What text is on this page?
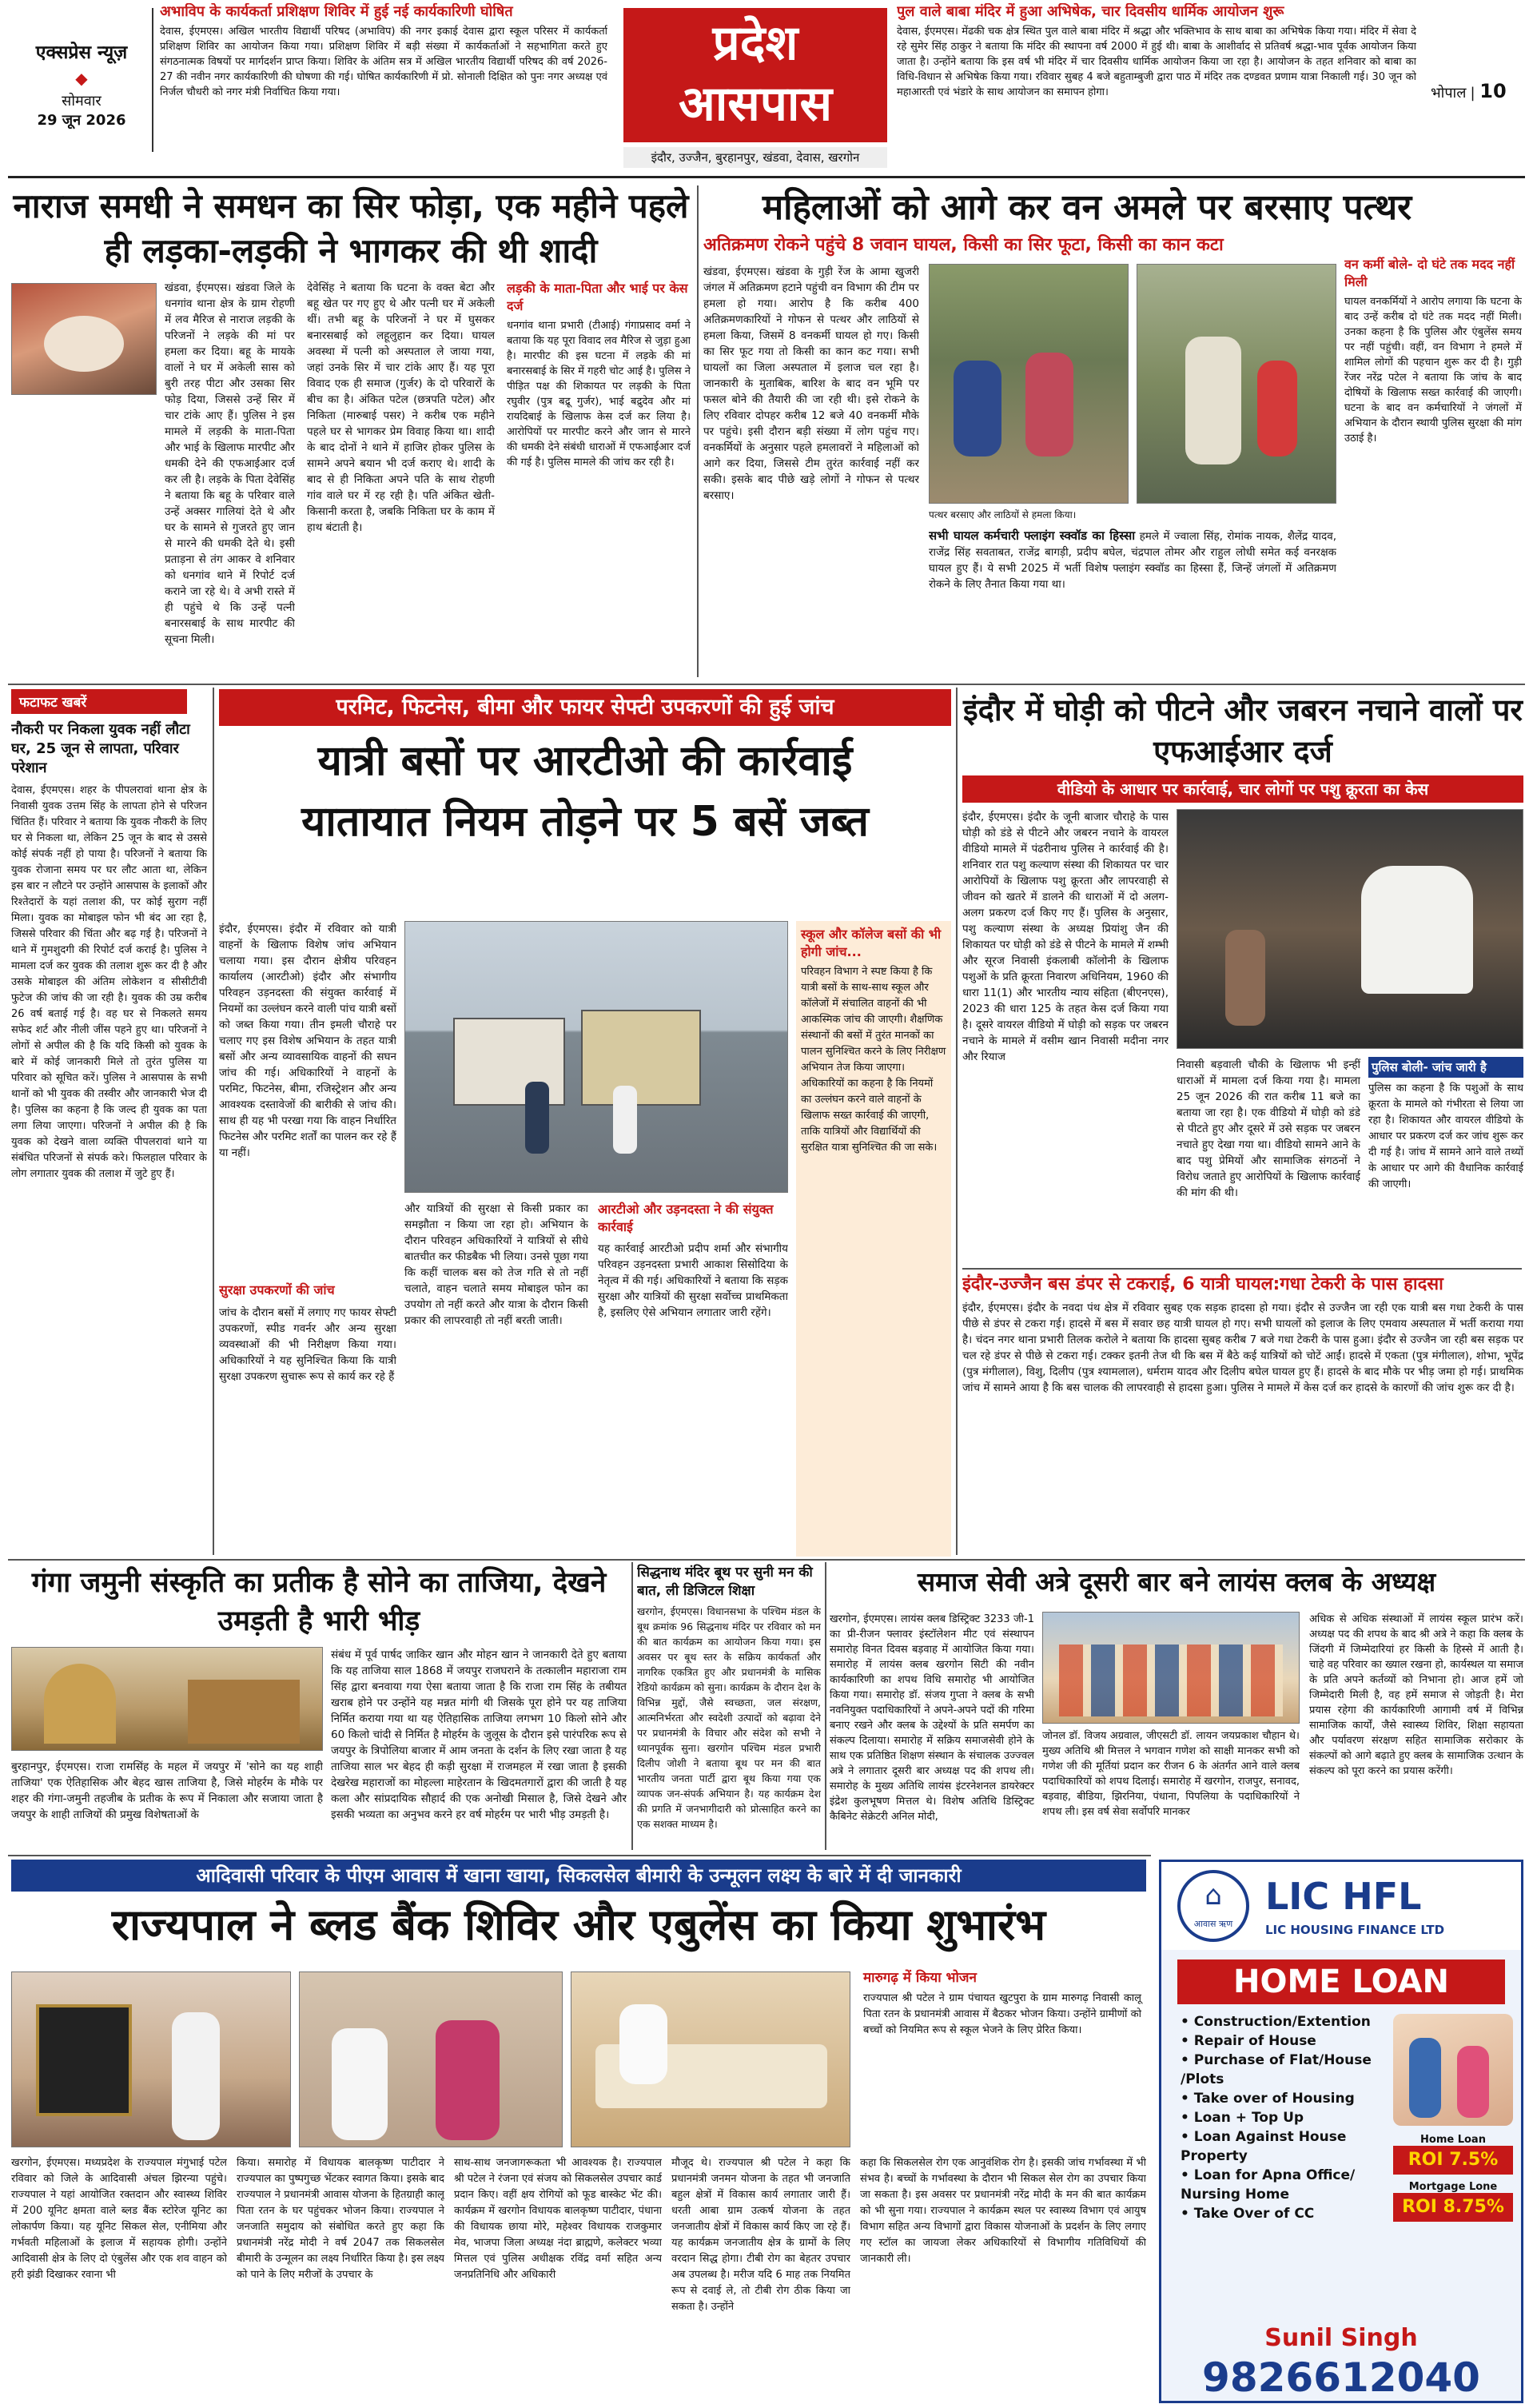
एक्सप्रेस न्यूज़
◆
सोमवार
29 जून 2026
अभाविप के कार्यकर्ता प्रशिक्षण शिविर में हुई नई कार्यकारिणी घोषित
देवास, ईएमएस। अखिल भारतीय विद्यार्थी परिषद (अभाविप) की नगर इकाई देवास द्वारा स्कूल परिसर में कार्यकर्ता प्रशिक्षण शिविर का आयोजन किया गया। प्रशिक्षण शिविर में बड़ी संख्या में कार्यकर्ताओं ने सहभागिता करते हुए संगठनात्मक विषयों पर मार्गदर्शन प्राप्त किया। शिविर के अंतिम सत्र में अखिल भारतीय विद्यार्थी परिषद की वर्ष 2026-27 की नवीन नगर कार्यकारिणी की घोषणा की गई। घोषित कार्यकारिणी में प्रो. सोनाली दिक्षित को पुनः नगर अध्यक्ष एवं निर्जल चौधरी को नगर मंत्री निर्वाचित किया गया।
प्रदेश
आसपास
इंदौर, उज्जैन, बुरहानपुर, खंडवा, देवास, खरगोन
पुल वाले बाबा मंदिर में हुआ अभिषेक, चार दिवसीय धार्मिक आयोजन शुरू
देवास, ईएमएस। मेंढकी चक क्षेत्र स्थित पुल वाले बाबा मंदिर में श्रद्धा और भक्तिभाव के साथ बाबा का अभिषेक किया गया। मंदिर में सेवा दे रहे सुमेर सिंह ठाकुर ने बताया कि मंदिर की स्थापना वर्ष 2000 में हुई थी। बाबा के आशीर्वाद से प्रतिवर्ष श्रद्धा-भाव पूर्वक आयोजन किया जाता है। उन्होंने बताया कि इस वर्ष भी मंदिर में चार दिवसीय धार्मिक आयोजन किया जा रहा है। आयोजन के तहत शनिवार को बाबा का विधि-विधान से अभिषेक किया गया। रविवार सुबह 4 बजे बहुताम्बुजी द्वारा पाठ में मंदिर तक दण्डवत प्रणाम यात्रा निकाली गई। 30 जून को महाआरती एवं भंडारे के साथ आयोजन का समापन होगा।	भोपाल | 10
नाराज समधी ने समधन का सिर फोड़ा, एक महीने पहले ही लड़का-लड़की ने भागकर की थी शादी
खंडवा, ईएमएस। खंडवा जिले के धनगांव थाना क्षेत्र के ग्राम रोहणी में लव मैरिज से नाराज लड़की के परिजनों ने लड़के की मां पर हमला कर दिया। बहू के मायके वालों ने घर में अकेली सास को बुरी तरह पीटा और उसका सिर फोड़ दिया, जिससे उन्हें सिर में चार टांके आए हैं। पुलिस ने इस मामले में लड़की के माता-पिता और भाई के खिलाफ मारपीट और धमकी देने की एफआईआर दर्ज कर ली है। लड़के के पिता देवेसिंह ने बताया कि बहू के परिवार वाले उन्हें अक्सर गालियां देते थे और घर के सामने से गुजरते हुए जान से मारने की धमकी देते थे। इसी प्रताड़ना से तंग आकर वे शनिवार को धनगांव थाने में रिपोर्ट दर्ज कराने जा रहे थे। वे अभी रास्ते में ही पहुंचे थे कि उन्हें पत्नी बनारसबाई के साथ मारपीट की सूचना मिली।
देवेसिंह ने बताया कि घटना के वक्त बेटा और बहू खेत पर गए हुए थे और पत्नी घर में अकेली थीं। तभी बहू के परिजनों ने घर में घुसकर बनारसबाई को लहूलुहान कर दिया। घायल अवस्था में पत्नी को अस्पताल ले जाया गया, जहां उनके सिर में चार टांके आए हैं। यह पूरा विवाद एक ही समाज (गुर्जर) के दो परिवारों के बीच का है। अंकित पटेल (छत्रपति पटेल) और निकिता (मारुबाई पसर) ने करीब एक महीने पहले घर से भागकर प्रेम विवाह किया था। शादी के बाद दोनों ने थाने में हाजिर होकर पुलिस के सामने अपने बयान भी दर्ज कराए थे। शादी के बाद से ही निकिता अपने पति के साथ रोहणी गांव वाले घर में रह रही है। पति अंकित खेती-किसानी करता है, जबकि निकिता घर के काम में हाथ बंटाती है।
लड़की के माता-पिता और भाई पर केस दर्ज
धनगांव थाना प्रभारी (टीआई) गंगाप्रसाद वर्मा ने बताया कि यह पूरा विवाद लव मैरिज से जुड़ा हुआ है। मारपीट की इस घटना में लड़के की मां बनारसबाई के सिर में गहरी चोट आई है। पुलिस ने पीड़ित पक्ष की शिकायत पर लड़की के पिता रघुवीर (पुत्र बद्रू गुर्जर), भाई बद्रुदेव और मां रायदिबाई के खिलाफ केस दर्ज कर लिया है। आरोपियों पर मारपीट करने और जान से मारने की धमकी देने संबंधी धाराओं में एफआईआर दर्ज की गई है। पुलिस मामले की जांच कर रही है।
महिलाओं को आगे कर वन अमले पर बरसाए पत्थर
अतिक्रमण रोकने पहुंचे 8 जवान घायल, किसी का सिर फूटा, किसी का कान कटा
खंडवा, ईएमएस। खंडवा के गुड़ी रेंज के आमा खुजरी जंगल में अतिक्रमण हटाने पहुंची वन विभाग की टीम पर हमला हो गया। आरोप है कि करीब 400 अतिक्रमणकारियों ने गोफन से पत्थर और लाठियों से हमला किया, जिसमें 8 वनकर्मी घायल हो गए। किसी का सिर फूट गया तो किसी का कान कट गया। सभी घायलों का जिला अस्पताल में इलाज चल रहा है। जानकारी के मुताबिक, बारिश के बाद वन भूमि पर फसल बोने की तैयारी की जा रही थी। इसे रोकने के लिए रविवार दोपहर करीब 12 बजे 40 वनकर्मी मौके पर पहुंचे। इसी दौरान बड़ी संख्या में लोग पहुंच गए। वनकर्मियों के अनुसार पहले हमलावरों ने महिलाओं को आगे कर दिया, जिससे टीम तुरंत कार्रवाई नहीं कर सकी। इसके बाद पीछे खड़े लोगों ने गोफन से पत्थर बरसाए।
पत्थर बरसाए और लाठियों से हमला किया।
सभी घायल कर्मचारी फ्लाइंग स्क्वॉड का हिस्सा हमले में ज्वाला सिंह, रोमांक नायक, शैलेंद्र यादव, राजेंद्र सिंह सवताबत, राजेंद्र बागड़ी, प्रदीप बघेल, चंद्रपाल तोमर और राहुल लोधी समेत कई वनरक्षक घायल हुए हैं। ये सभी 2025 में भर्ती विशेष फ्लाइंग स्क्वॉड का हिस्सा हैं, जिन्हें जंगलों में अतिक्रमण रोकने के लिए तैनात किया गया था।
वन कर्मी बोले- दो घंटे तक मदद नहीं मिली
घायल वनकर्मियों ने आरोप लगाया कि घटना के बाद उन्हें करीब दो घंटे तक मदद नहीं मिली। उनका कहना है कि पुलिस और एंबुलेंस समय पर नहीं पहुंची। वहीं, वन विभाग ने हमले में शामिल लोगों की पहचान शुरू कर दी है। गुड़ी रेंजर नरेंद्र पटेल ने बताया कि जांच के बाद दोषियों के खिलाफ सख्त कार्रवाई की जाएगी। घटना के बाद वन कर्मचारियों ने जंगलों में अभियान के दौरान स्थायी पुलिस सुरक्षा की मांग उठाई है।
फटाफट खबरें
नौकरी पर निकला युवक नहीं लौटा घर, 25 जून से लापता, परिवार परेशान
देवास, ईएमएस। शहर के पीपलरावां थाना क्षेत्र के निवासी युवक उत्तम सिंह के लापता होने से परिजन चिंतित हैं। परिवार ने बताया कि युवक नौकरी के लिए घर से निकला था, लेकिन 25 जून के बाद से उससे कोई संपर्क नहीं हो पाया है। परिजनों ने बताया कि युवक रोजाना समय पर घर लौट आता था, लेकिन इस बार न लौटने पर उन्होंने आसपास के इलाकों और रिश्तेदारों के यहां तलाश की, पर कोई सुराग नहीं मिला। युवक का मोबाइल फोन भी बंद आ रहा है, जिससे परिवार की चिंता और बढ़ गई है। परिजनों ने थाने में गुमशुदगी की रिपोर्ट दर्ज कराई है। पुलिस ने मामला दर्ज कर युवक की तलाश शुरू कर दी है और उसके मोबाइल की अंतिम लोकेशन व सीसीटीवी फुटेज की जांच की जा रही है। युवक की उम्र करीब 26 वर्ष बताई गई है। वह घर से निकलते समय सफेद शर्ट और नीली जींस पहने हुए था। परिजनों ने लोगों से अपील की है कि यदि किसी को युवक के बारे में कोई जानकारी मिले तो तुरंत पुलिस या परिवार को सूचित करें। पुलिस ने आसपास के सभी थानों को भी युवक की तस्वीर और जानकारी भेज दी है। पुलिस का कहना है कि जल्द ही युवक का पता लगा लिया जाएगा। परिजनों ने अपील की है कि युवक को देखने वाला व्यक्ति पीपलरावां थाने या संबंधित परिजनों से संपर्क करे। फिलहाल परिवार के लोग लगातार युवक की तलाश में जुटे हुए हैं।
परमिट, फिटनेस, बीमा और फायर सेफ्टी उपकरणों की हुई जांच
यात्री बसों पर आरटीओ की कार्रवाई
यातायात नियम तोड़ने पर 5 बसें जब्त
इंदौर, ईएमएस। इंदौर में रविवार को यात्री वाहनों के खिलाफ विशेष जांच अभियान चलाया गया। इस दौरान क्षेत्रीय परिवहन कार्यालय (आरटीओ) इंदौर और संभागीय परिवहन उड़नदस्ता की संयुक्त कार्रवाई में नियमों का उल्लंघन करने वाली पांच यात्री बसों को जब्त किया गया। तीन इमली चौराहे पर चलाए गए इस विशेष अभियान के तहत यात्री बसों और अन्य व्यावसायिक वाहनों की सघन जांच की गई। अधिकारियों ने वाहनों के परमिट, फिटनेस, बीमा, रजिस्ट्रेशन और अन्य आवश्यक दस्तावेजों की बारीकी से जांच की। साथ ही यह भी परखा गया कि वाहन निर्धारित फिटनेस और परमिट शर्तों का पालन कर रहे हैं या नहीं।
सुरक्षा उपकरणों की जांच
जांच के दौरान बसों में लगाए गए फायर सेफ्टी उपकरणों, स्पीड गवर्नर और अन्य सुरक्षा व्यवस्थाओं की भी निरीक्षण किया गया। अधिकारियों ने यह सुनिश्चित किया कि यात्री सुरक्षा उपकरण सुचारू रूप से कार्य कर रहे हैं
और यात्रियों की सुरक्षा से किसी प्रकार का समझौता न किया जा रहा हो। अभियान के दौरान परिवहन अधिकारियों ने यात्रियों से सीधे बातचीत कर फीडबैक भी लिया। उनसे पूछा गया कि कहीं चालक बस को तेज गति से तो नहीं चलाते, वाहन चलाते समय मोबाइल फोन का उपयोग तो नहीं करते और यात्रा के दौरान किसी प्रकार की लापरवाही तो नहीं बरती जाती।
आरटीओ और उड़नदस्ता ने की संयुक्त कार्रवाई
यह कार्रवाई आरटीओ प्रदीप शर्मा और संभागीय परिवहन उड़नदस्ता प्रभारी आकाश सिसोदिया के नेतृत्व में की गई। अधिकारियों ने बताया कि सड़क सुरक्षा और यात्रियों की सुरक्षा सर्वोच्च प्राथमिकता है, इसलिए ऐसे अभियान लगातार जारी रहेंगे।
स्कूल और कॉलेज बसों की भी होगी जांच...
परिवहन विभाग ने स्पष्ट किया है कि यात्री बसों के साथ-साथ स्कूल और कॉलेजों में संचालित वाहनों की भी आकस्मिक जांच की जाएगी। शैक्षणिक संस्थानों की बसों में तुरंत मानकों का पालन सुनिश्चित करने के लिए निरीक्षण अभियान तेज किया जाएगा। अधिकारियों का कहना है कि नियमों का उल्लंघन करने वाले वाहनों के खिलाफ सख्त कार्रवाई की जाएगी, ताकि यात्रियों और विद्यार्थियों की सुरक्षित यात्रा सुनिश्चित की जा सके।
इंदौर में घोड़ी को पीटने और जबरन नचाने वालों पर एफआईआर दर्ज
वीडियो के आधार पर कार्रवाई, चार लोगों पर पशु क्रूरता का केस
इंदौर, ईएमएस। इंदौर के जूनी बाजार चौराहे के पास घोड़ी को डंडे से पीटने और जबरन नचाने के वायरल वीडियो मामले में पंढरीनाथ पुलिस ने कार्रवाई की है। शनिवार रात पशु कल्याण संस्था की शिकायत पर चार आरोपियों के खिलाफ पशु क्रूरता और लापरवाही से जीवन को खतरे में डालने की धाराओं में दो अलग-अलग प्रकरण दर्ज किए गए हैं। पुलिस के अनुसार, पशु कल्याण संस्था के अध्यक्ष प्रियांशु जैन की शिकायत पर घोड़ी को डंडे से पीटने के मामले में शम्भी और सूरज निवासी इंकलाबी कॉलोनी के खिलाफ पशुओं के प्रति क्रूरता निवारण अधिनियम, 1960 की धारा 11(1) और भारतीय न्याय संहिता (बीएनएस), 2023 की धारा 125 के तहत केस दर्ज किया गया है। दूसरे वायरल वीडियो में घोड़ी को सड़क पर जबरन नचाने के मामले में वसीम खान निवासी मदीना नगर और रियाज
निवासी बड़वाली चौकी के खिलाफ भी इन्हीं धाराओं में मामला दर्ज किया गया है। मामला 25 जून 2026 की रात करीब 11 बजे का बताया जा रहा है। एक वीडियो में घोड़ी को डंडे से पीटते हुए और दूसरे में उसे सड़क पर जबरन नचाते हुए देखा गया था। वीडियो सामने आने के बाद पशु प्रेमियों और सामाजिक संगठनों ने विरोध जताते हुए आरोपियों के खिलाफ कार्रवाई की मांग की थी।
पुलिस बोली- जांच जारी है
पुलिस का कहना है कि पशुओं के साथ क्रूरता के मामले को गंभीरता से लिया जा रहा है। शिकायत और वायरल वीडियो के आधार पर प्रकरण दर्ज कर जांच शुरू कर दी गई है। जांच में सामने आने वाले तथ्यों के आधार पर आगे की वैधानिक कार्रवाई की जाएगी।
इंदौर-उज्जैन बस डंपर से टकराई, 6 यात्री घायल:गधा टेकरी के पास हादसा
इंदौर, ईएमएस। इंदौर के नवदा पंथ क्षेत्र में रविवार सुबह एक सड़क हादसा हो गया। इंदौर से उज्जैन जा रही एक यात्री बस गधा टेकरी के पास पीछे से डंपर से टकरा गई। हादसे में बस में सवार छह यात्री घायल हो गए। सभी घायलों को इलाज के लिए एमवाय अस्पताल में भर्ती कराया गया है। चंदन नगर थाना प्रभारी तिलक करोले ने बताया कि हादसा सुबह करीब 7 बजे गधा टेकरी के पास हुआ। इंदौर से उज्जैन जा रही बस सड़क पर चल रहे डंपर से पीछे से टकरा गई। टक्कर इतनी तेज थी कि बस में बैठे कई यात्रियों को चोटें आईं। हादसे में एकता (पुत्र मंगीलाल), शोभा, भूपेंद्र (पुत्र मंगीलाल), विशु, दिलीप (पुत्र श्यामलाल), धर्मराम यादव और दिलीप बघेल घायल हुए हैं। हादसे के बाद मौके पर भीड़ जमा हो गई। प्राथमिक जांच में सामने आया है कि बस चालक की लापरवाही से हादसा हुआ। पुलिस ने मामले में केस दर्ज कर हादसे के कारणों की जांच शुरू कर दी है।
गंगा जमुनी संस्कृति का प्रतीक है सोने का ताजिया, देखने उमड़ती है भारी भीड़
बुरहानपुर, ईएमएस। राजा रामसिंह के महल में जयपुर में 'सोने का यह शाही ताजिया' एक ऐतिहासिक और बेहद खास ताजिया है, जिसे मोहर्रम के मौके पर शहर की गंगा-जमुनी तहजीब के प्रतीक के रूप में निकाला और सजाया जाता है जयपुर के शाही ताजियों की प्रमुख विशेषताओं के
संबंध में पूर्व पार्षद जाकिर खान और मोहन खान ने जानकारी देते हुए बताया कि यह ताजिया साल 1868 में जयपुर राजघराने के तत्कालीन महाराजा राम सिंह द्वारा बनवाया गया ऐसा बताया जाता है कि राजा राम सिंह के तबीयत खराब होने पर उन्होंने यह मन्नत मांगी थी जिसके पूरा होने पर यह ताजिया निर्मित कराया गया था यह ऐतिहासिक ताजिया लगभग 10 किलो सोने और 60 किलो चांदी से निर्मित है मोहर्रम के जुलूस के दौरान इसे पारंपरिक रूप से जयपुर के त्रिपोलिया बाजार में आम जनता के दर्शन के लिए रखा जाता है यह ताजिया साल भर बेहद ही कड़ी सुरक्षा में राजमहल में रखा जाता है इसकी देखरेख महाराजों का मोहल्ला माहेरतान के खिदमतगारों द्वारा की जाती है यह कला और सांप्रदायिक सौहार्द की एक अनोखी मिसाल है, जिसे देखने और इसकी भव्यता का अनुभव करने हर वर्ष मोहर्रम पर भारी भीड़ उमड़ती है।
सिद्धनाथ मंदिर बूथ पर सुनी मन की बात, ली डिजिटल शिक्षा
खरगोन, ईएमएस। विधानसभा के पश्चिम मंडल के बूथ क्रमांक 96 सिद्धनाथ मंदिर पर रविवार को मन की बात कार्यक्रम का आयोजन किया गया। इस अवसर पर बूथ स्तर के सक्रिय कार्यकर्ता और नागरिक एकत्रित हुए और प्रधानमंत्री के मासिक रेडियो कार्यक्रम को सुना। कार्यक्रम के दौरान देश के विभिन्न मुद्दों, जैसे स्वच्छता, जल संरक्षण, आत्मनिर्भरता और स्वदेशी उत्पादों को बढ़ावा देने पर प्रधानमंत्री के विचार और संदेश को सभी ने ध्यानपूर्वक सुना। खरगोन पश्चिम मंडल प्रभारी दिलीप जोशी ने बताया बूथ पर मन की बात भारतीय जनता पार्टी द्वारा बूथ किया गया एक व्यापक जन-संपर्क अभियान है। यह कार्यक्रम देश की प्रगति में जनभागीदारी को प्रोत्साहित करने का एक सशक्त माध्यम है।
समाज सेवी अत्रे दूसरी बार बने लायंस क्लब के अध्यक्ष
खरगोन, ईएमएस। लायंस क्लब डिस्ट्रिक्ट 3233 जी-1 का प्री-रीजन फ्लावर इंस्टॉलेशन मीट एवं संस्थापन समारोह विनत दिवस बड़वाह में आयोजित किया गया। समारोह में लायंस क्लब खरगोन सिटी की नवीन कार्यकारिणी का शपथ विधि समारोह भी आयोजित किया गया। समारोह डॉ. संजय गुप्ता ने क्लब के सभी नवनियुक्त पदाधिकारियों ने अपने-अपने पदों की गरिमा बनाए रखने और क्लब के उद्देश्यों के प्रति समर्पण का संकल्प दिलाया। समारोह में सक्रिय समाजसेवी होने के साथ एक प्रतिष्ठित शिक्षण संस्थान के संचालक उज्ज्वल अत्रे ने लगातार दूसरी बार अध्यक्ष पद की शपथ ली। समारोह के मुख्य अतिथि लायंस इंटरनेशनल डायरेक्टर इंद्रेश कुलभूषण मित्तल थे। विशेष अतिथि डिस्ट्रिक्ट कैबिनेट सेक्रेटरी अनिल मोदी,
जोनल डॉ. विजय अग्रवाल, जीएसटी डॉ. लायन जयप्रकाश चौहान थे। मुख्य अतिथि श्री मित्तल ने भगवान गणेश को साक्षी मानकर सभी को गणेश जी की मूर्तियां प्रदान कर रीजन 6 के अंतर्गत आने वाले क्लब पदाधिकारियों को शपथ दिलाई। समारोह में खरगोन, राजपुर, सनावद, बड़वाह, बीडिया, झिरनिया, पंधाना, पिपलिया के पदाधिकारियों ने शपथ ली। इस वर्ष सेवा सर्वोपरि मानकर
अधिक से अधिक संस्थाओं में लायंस स्कूल प्रारंभ करें। अध्यक्ष पद की शपथ के बाद श्री अत्रे ने कहा कि क्लब के जिंदगी में जिम्मेदारियां हर किसी के हिस्से में आती है। चाहे वह परिवार का ख्याल रखना हो, कार्यस्थल या समाज के प्रति अपने कर्तव्यों को निभाना हो। आज हमें जो जिम्मेदारी मिली है, वह हमें समाज से जोड़ती है। मेरा प्रयास रहेगा की कार्यकारिणी आगामी वर्ष में विभिन्न सामाजिक कार्यों, जैसे स्वास्थ्य शिविर, शिक्षा सहायता और पर्यावरण संरक्षण सहित सामाजिक सरोकार के संकल्पों को आगे बढ़ाते हुए क्लब के सामाजिक उत्थान के संकल्प को पूरा करने का प्रयास करेंगी।
आदिवासी परिवार के पीएम आवास में खाना खाया, सिकलसेल बीमारी के उन्मूलन लक्ष्य के बारे में दी जानकारी
राज्यपाल ने ब्लड बैंक शिविर और एबुलेंस का किया शुभारंभ
मारुगढ़ में किया भोजन
राज्यपाल श्री पटेल ने ग्राम पंचायत खुटपुरा के ग्राम मारुगढ़ निवासी कालू पिता रतन के प्रधानमंत्री आवास में बैठकर भोजन किया। उन्होंने ग्रामीणों को बच्चों को नियमित रूप से स्कूल भेजने के लिए प्रेरित किया।
खरगोन, ईएमएस। मध्यप्रदेश के राज्यपाल मंगुभाई पटेल रविवार को जिले के आदिवासी अंचल झिरन्या पहुंचे। राज्यपाल ने यहां आयोजित रक्तदान और स्वास्थ्य शिविर में 200 यूनिट क्षमता वाले ब्लड बैंक स्टोरेज यूनिट का लोकार्पण किया। यह यूनिट सिकल सेल, एनीमिया और गर्भवती महिलाओं के इलाज में सहायक होगी। उन्होंने आदिवासी क्षेत्र के लिए दो एंबुलेंस और एक शव वाहन को हरी झंडी दिखाकर रवाना भी
किया। समारोह में विधायक बालकृष्ण पाटीदार ने राज्यपाल का पुष्पगुच्छ भेंटकर स्वागत किया। इसके बाद राज्यपाल ने प्रधानमंत्री आवास योजना के हितग्राही कालू पिता रतन के घर पहुंचकर भोजन किया। राज्यपाल ने जनजाति समुदाय को संबोधित करते हुए कहा कि प्रधानमंत्री नरेंद्र मोदी ने वर्ष 2047 तक सिकलसेल बीमारी के उन्मूलन का लक्ष्य निर्धारित किया है। इस लक्ष्य को पाने के लिए मरीजों के उपचार के
साथ-साथ जनजागरूकता भी आवश्यक है। राज्यपाल श्री पटेल ने रंजना एवं संजय को सिकलसेल उपचार कार्ड प्रदान किए। वहीं क्षय रोगियों को फूड बास्केट भेंट की। कार्यक्रम में खरगोन विधायक बालकृष्ण पाटीदार, पंधाना की विधायक छाया मोरे, महेश्वर विधायक राजकुमार मेव, भाजपा जिला अध्यक्ष नंदा ब्राह्मणे, कलेक्टर भव्या मित्तल एवं पुलिस अधीक्षक रविंद्र वर्मा सहित अन्य जनप्रतिनिधि और अधिकारी
मौजूद थे। राज्यपाल श्री पटेल ने कहा कि प्रधानमंत्री जनमन योजना के तहत भी जनजाति बहुल क्षेत्रों में विकास कार्य लगातार जारी हैं। धरती आबा ग्राम उत्कर्ष योजना के तहत जनजातीय क्षेत्रों में विकास कार्य किए जा रहे हैं। यह कार्यक्रम जनजातीय क्षेत्र के ग्रामों के लिए वरदान सिद्ध होगा। टीबी रोग का बेहतर उपचार अब उपलब्ध है। मरीज यदि 6 माह तक नियमित रूप से दवाई ले, तो टीबी रोग ठीक किया जा सकता है। उन्होंने
कहा कि सिकलसेल रोग एक आनुवंशिक रोग है। इसकी जांच गर्भावस्था में भी संभव है। बच्चों के गर्भावस्था के दौरान भी सिकल सेल रोग का उपचार किया जा सकता है। इस अवसर पर प्रधानमंत्री नरेंद्र मोदी के मन की बात कार्यक्रम को भी सुना गया। राज्यपाल ने कार्यक्रम स्थल पर स्वास्थ्य विभाग एवं आयुष विभाग सहित अन्य विभागों द्वारा विकास योजनाओं के प्रदर्शन के लिए लगाए गए स्टॉल का जायजा लेकर अधिकारियों से विभागीय गतिविधियों की जानकारी ली।
⌂
आवास ऋण
LIC HFL
LIC HOUSING FINANCE LTD
HOME LOAN
• Construction/Extention
• Repair of House
• Purchase of Flat/House /Plots
• Take over of Housing
• Loan + Top Up
• Loan Against House Property
• Loan for Apna Office/ Nursing Home
• Take Over of CC
Home Loan
ROI 7.5%
Mortgage Lone
ROI 8.75%
Sunil Singh
9826612040
